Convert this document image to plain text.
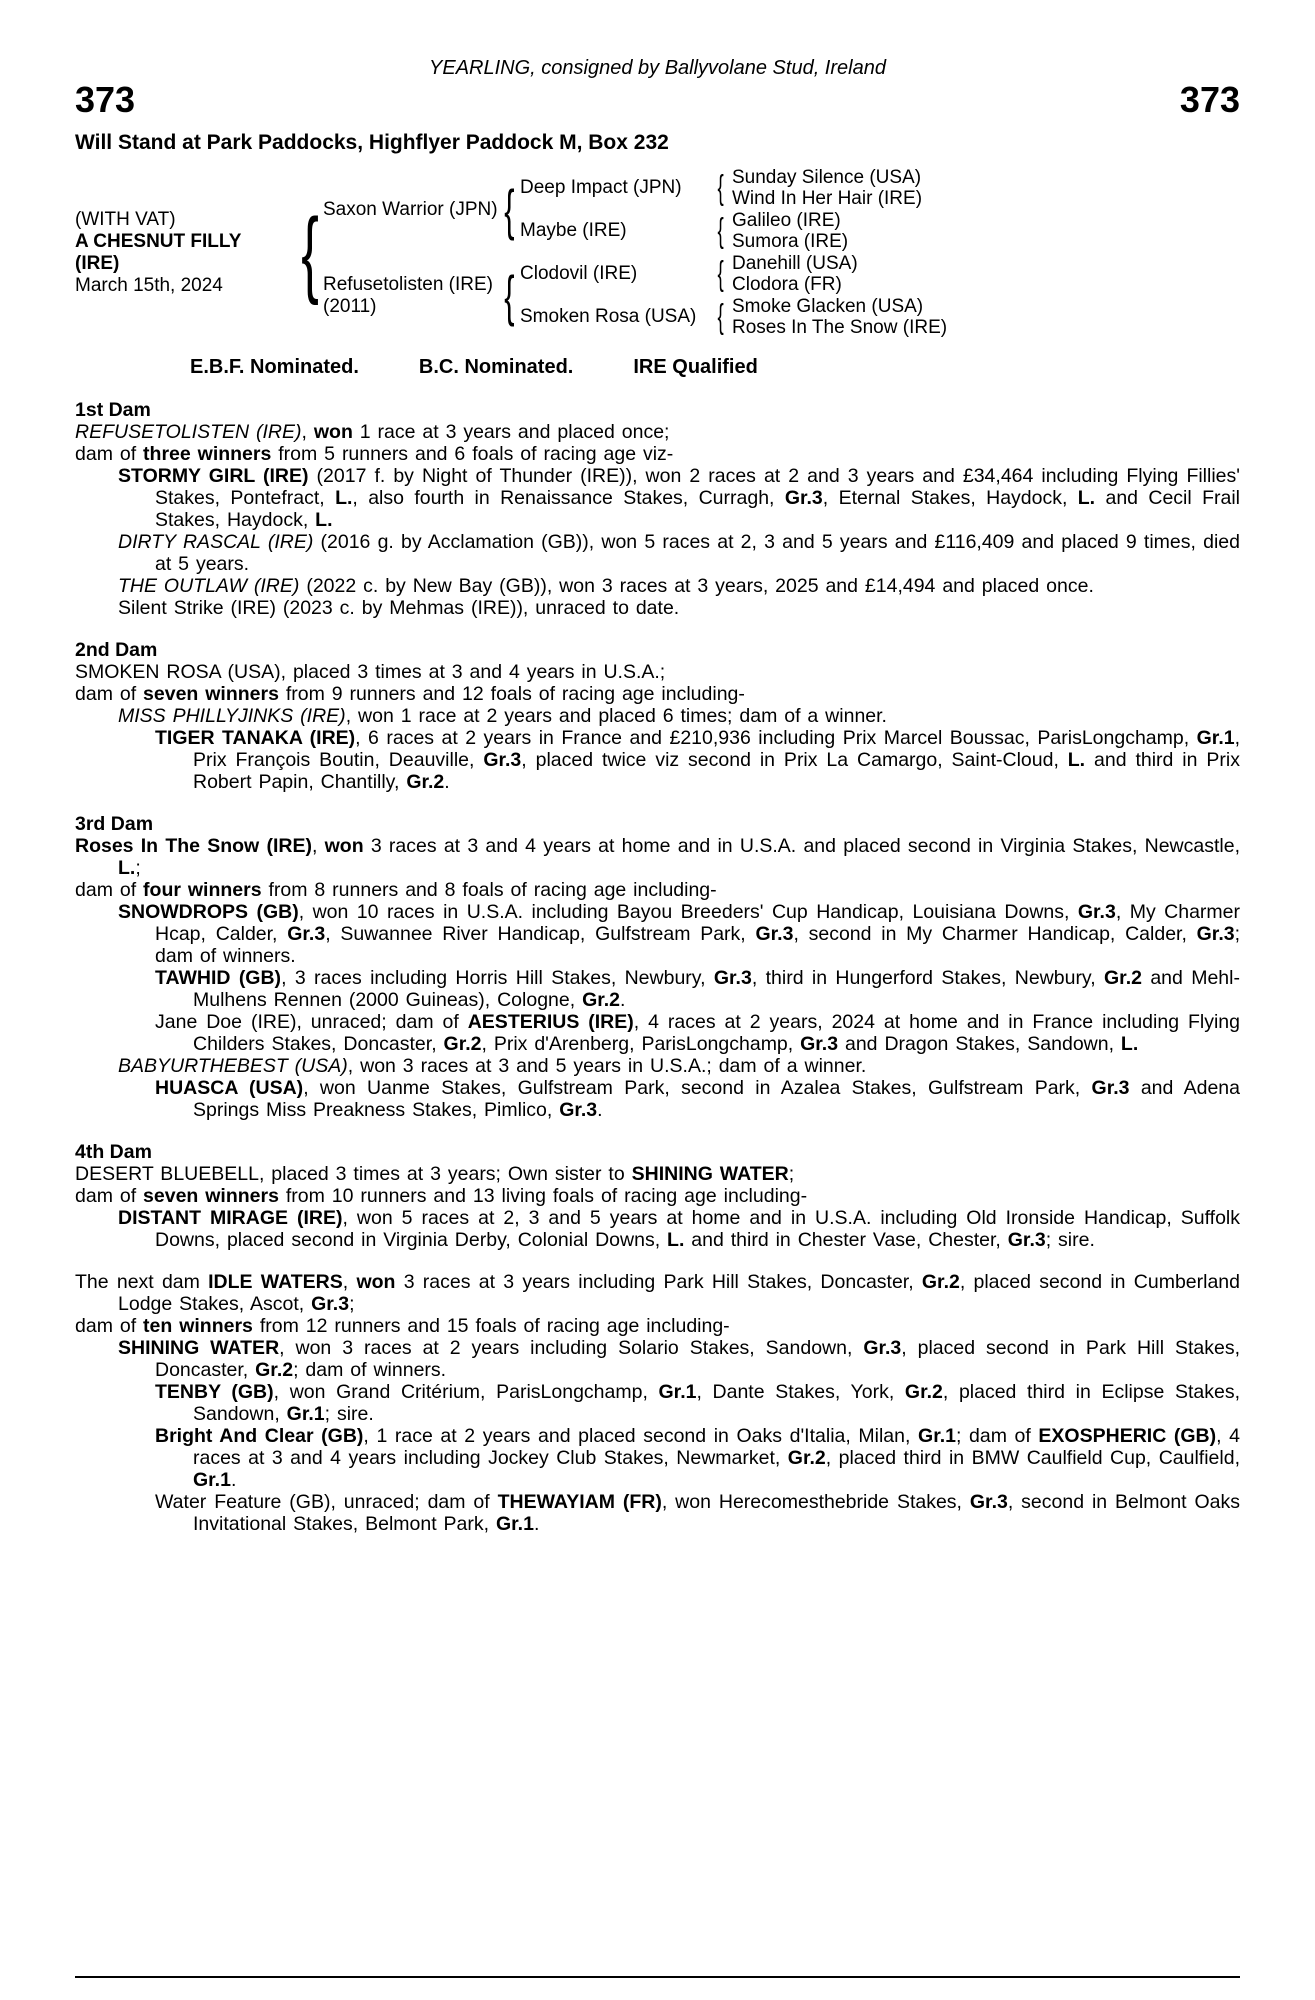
YEARLING, consigned by Ballyvolane Stud, Ireland
373	373
Will Stand at Park Paddocks, Highflyer Paddock M, Box 232
(WITH VAT)
A CHESNUT FILLY
(IRE)
March 15th, 2024 { Saxon Warrior (JPN)
Refusetolisten (IRE)
(2011)
{
{
Deep Impact (JPN)
Maybe (IRE)
Clodovil (IRE)
Smoken Rosa (USA)
{
{
{
{
Sunday Silence (USA)
Wind In Her Hair (IRE)
Galileo (IRE)
Sumora (IRE)
Danehill (USA)
Clodora (FR)
Smoke Glacken (USA)
Roses In The Snow (IRE)
E.B.F. Nominated.	B.C. Nominated.	IRE Qualified
1st Dam

REFUSETOLISTEN (IRE), won 1 race at 3 years and placed once;

dam of three winners from 5 runners and 6 foals of racing age viz-

STORMY GIRL (IRE) (2017 f. by Night of Thunder (IRE)), won 2 races at 2 and 3 years and £34,464 including Flying Fillies' Stakes, Pontefract, L., also fourth in Renaissance Stakes, Curragh, Gr.3, Eternal Stakes, Haydock, L. and Cecil Frail Stakes, Haydock, L.

DIRTY RASCAL (IRE) (2016 g. by Acclamation (GB)), won 5 races at 2, 3 and 5 years and £116,409 and placed 9 times, died at 5 years.

THE OUTLAW (IRE) (2022 c. by New Bay (GB)), won 3 races at 3 years, 2025 and £14,494 and placed once.

Silent Strike (IRE) (2023 c. by Mehmas (IRE)), unraced to date.

2nd Dam

SMOKEN ROSA (USA), placed 3 times at 3 and 4 years in U.S.A.;

dam of seven winners from 9 runners and 12 foals of racing age including-

MISS PHILLYJINKS (IRE), won 1 race at 2 years and placed 6 times; dam of a winner.

TIGER TANAKA (IRE), 6 races at 2 years in France and £210,936 including Prix Marcel Boussac, ParisLongchamp, Gr.1, Prix François Boutin, Deauville, Gr.3, placed twice viz second in Prix La Camargo, Saint-Cloud, L. and third in Prix Robert Papin, Chantilly, Gr.2.

3rd Dam

Roses In The Snow (IRE), won 3 races at 3 and 4 years at home and in U.S.A. and placed second in Virginia Stakes, Newcastle, L.;

dam of four winners from 8 runners and 8 foals of racing age including-

SNOWDROPS (GB), won 10 races in U.S.A. including Bayou Breeders' Cup Handicap, Louisiana Downs, Gr.3, My Charmer Hcap, Calder, Gr.3, Suwannee River Handicap, Gulfstream Park, Gr.3, second in My Charmer Handicap, Calder, Gr.3; dam of winners.

TAWHID (GB), 3 races including Horris Hill Stakes, Newbury, Gr.3, third in Hungerford Stakes, Newbury, Gr.2 and Mehl-Mulhens Rennen (2000 Guineas), Cologne, Gr.2.

Jane Doe (IRE), unraced; dam of AESTERIUS (IRE), 4 races at 2 years, 2024 at home and in France including Flying Childers Stakes, Doncaster, Gr.2, Prix d'Arenberg, ParisLongchamp, Gr.3 and Dragon Stakes, Sandown, L.

BABYURTHEBEST (USA), won 3 races at 3 and 5 years in U.S.A.; dam of a winner.

HUASCA (USA), won Uanme Stakes, Gulfstream Park, second in Azalea Stakes, Gulfstream Park, Gr.3 and Adena Springs Miss Preakness Stakes, Pimlico, Gr.3.

4th Dam

DESERT BLUEBELL, placed 3 times at 3 years; Own sister to SHINING WATER;

dam of seven winners from 10 runners and 13 living foals of racing age including-

DISTANT MIRAGE (IRE), won 5 races at 2, 3 and 5 years at home and in U.S.A. including Old Ironside Handicap, Suffolk Downs, placed second in Virginia Derby, Colonial Downs, L. and third in Chester Vase, Chester, Gr.3; sire.

The next dam IDLE WATERS, won 3 races at 3 years including Park Hill Stakes, Doncaster, Gr.2, placed second in Cumberland Lodge Stakes, Ascot, Gr.3;

dam of ten winners from 12 runners and 15 foals of racing age including-

SHINING WATER, won 3 races at 2 years including Solario Stakes, Sandown, Gr.3, placed second in Park Hill Stakes, Doncaster, Gr.2; dam of winners.

TENBY (GB), won Grand Critérium, ParisLongchamp, Gr.1, Dante Stakes, York, Gr.2, placed third in Eclipse Stakes, Sandown, Gr.1; sire.

Bright And Clear (GB), 1 race at 2 years and placed second in Oaks d'Italia, Milan, Gr.1; dam of EXOSPHERIC (GB), 4 races at 3 and 4 years including Jockey Club Stakes, Newmarket, Gr.2, placed third in BMW Caulfield Cup, Caulfield, Gr.1.

Water Feature (GB), unraced; dam of THEWAYIAM (FR), won Herecomesthebride Stakes, Gr.3, second in Belmont Oaks Invitational Stakes, Belmont Park, Gr.1.
